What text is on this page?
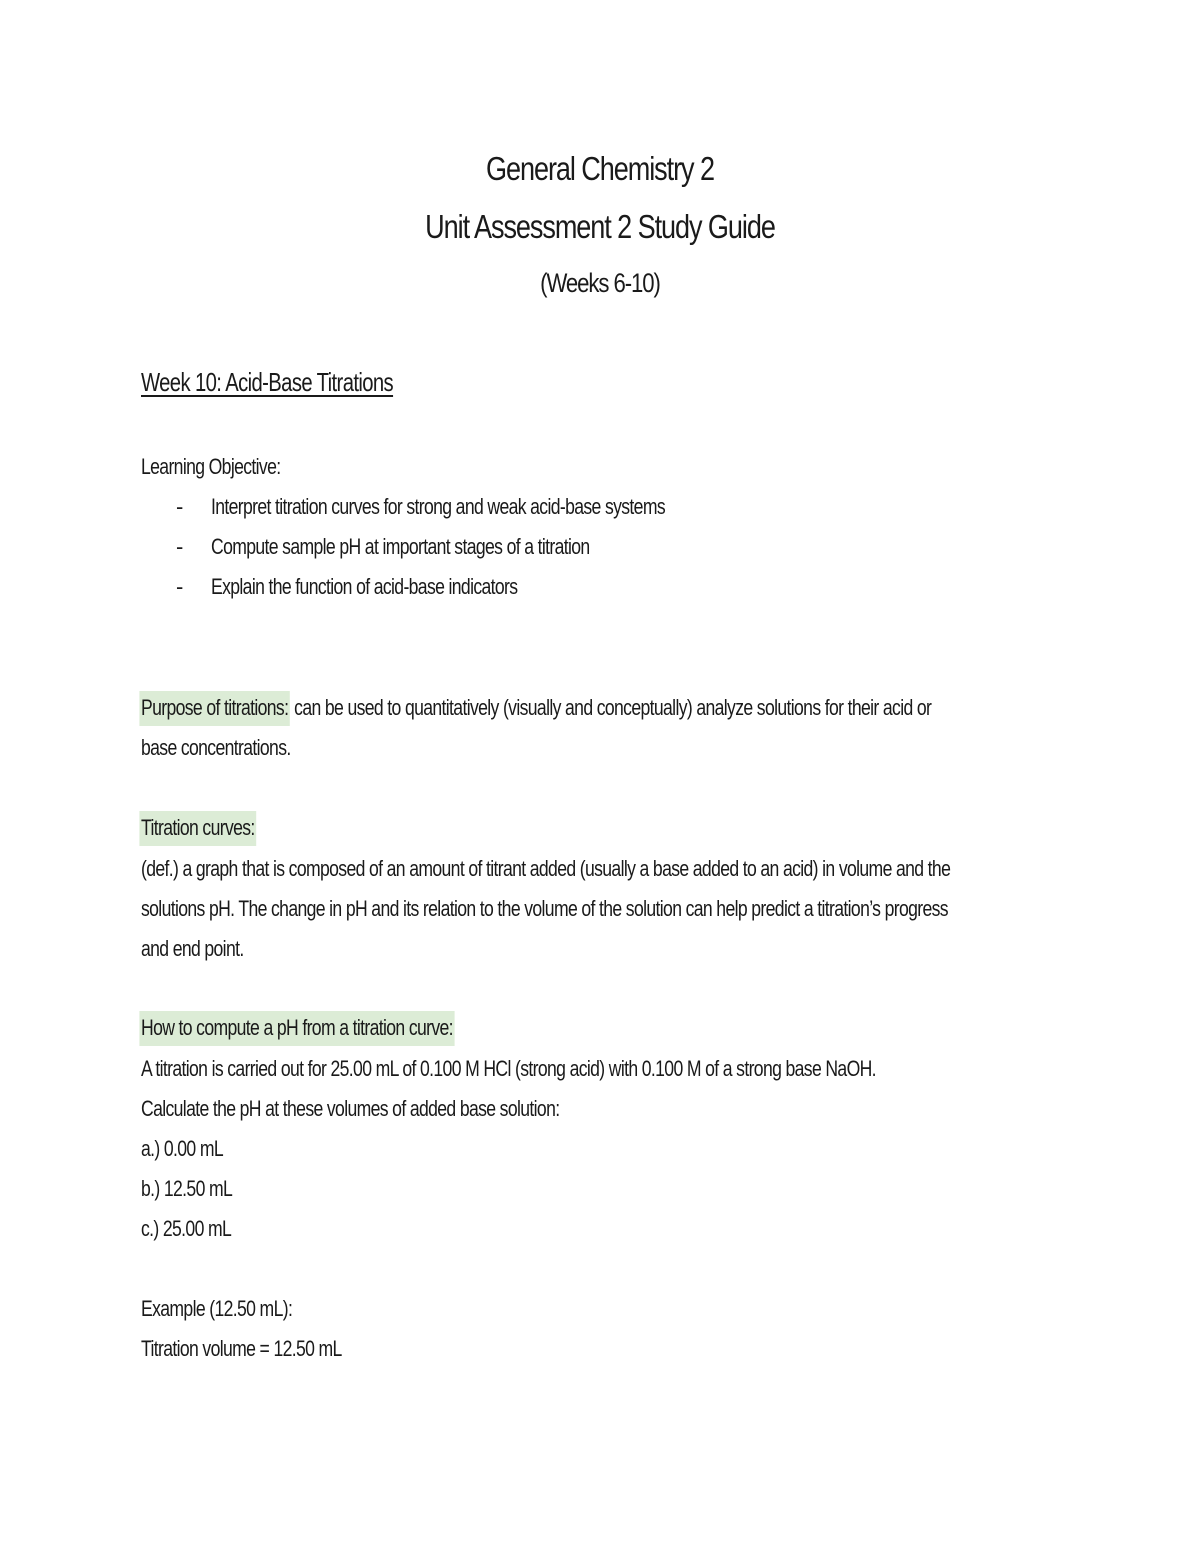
General Chemistry 2
Unit Assessment 2 Study Guide
(Weeks 6-10)
Week 10: Acid-Base Titrations
Learning Objective:
- Interpret titration curves for strong and weak acid-base systems
- Compute sample pH at important stages of a titration
- Explain the function of acid-base indicators
Purpose of titrations: can be used to quantitatively (visually and conceptually) analyze solutions for their acid or
base concentrations.
Titration curves:
(def.) a graph that is composed of an amount of titrant added (usually a base added to an acid) in volume and the
solutions pH. The change in pH and its relation to the volume of the solution can help predict a titration’s progress
and end point.
How to compute a pH from a titration curve:
A titration is carried out for 25.00 mL of 0.100 M HCl (strong acid) with 0.100 M of a strong base NaOH.
Calculate the pH at these volumes of added base solution:
a.) 0.00 mL
b.) 12.50 mL
c.) 25.00 mL
Example (12.50 mL):
Titration volume = 12.50 mL
